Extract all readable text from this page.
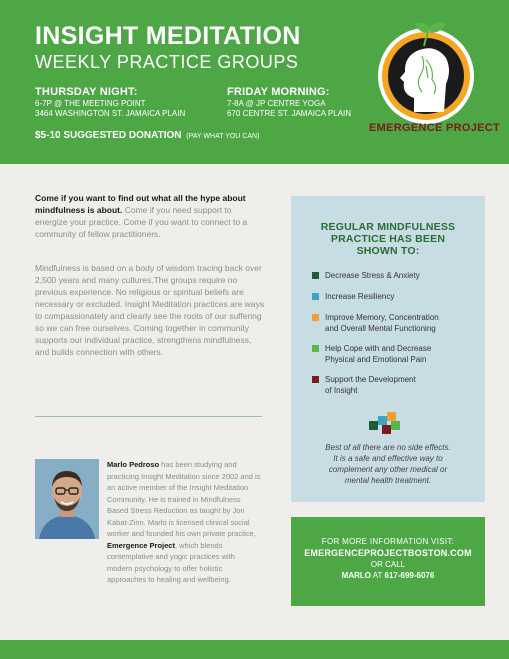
INSIGHT MEDITATION
WEEKLY PRACTICE GROUPS
THURSDAY NIGHT:
6-7P @ THE MEETING POINT
3464 WASHINGTON ST. JAMAICA PLAIN
FRIDAY MORNING:
7-8A @ JP CENTRE YOGA
670 CENTRE ST. JAMAICA PLAIN
$5-10 SUGGESTED DONATION (PAY WHAT YOU CAN)
EMERGENCE PROJECT
Come if you want to find out what all the hype about mindfulness is about. Come if you need support to energize your practice. Come if you want to connect to a community of fellow practitioners.
Mindfulness is based on a body of wisdom tracing back over 2,500 years and many cultures.The groups require no previous experience. No religious or spiritual beliefs are necessary or excluded. Insight Meditation practices are ways to compassionately and clearly see the roots of our suffering so we can free ourselves. Coming together in community supports our individual practice, strengthens mindfulness, and builds connection with others.
Marlo Pedroso has been studying and practicing Insight Meditation since 2002 and is an active member of the Insight Meditation Community. He is trained in Mindfulness Based Stress Reduction as taught by Jon Kabat-Zinn. Marlo is licensed clinical social worker and founded his own private practice, Emergence Project, which blends contemplative and yogic practices with modern psychology to offer holistic approaches to healing and wellbeing.
REGULAR MINDFULNESS
PRACTICE HAS BEEN
SHOWN TO:
Decrease Stress & Anxiety
Increase Resiliency
Improve Memory, Concentration
and Overall Mental Functioning
Help Cope with and Decrease
Physical and Emotional Pain
Support the Development
of Insight
Best of all there are no side effects.
It is a safe and effective way to
complement any other medical or
mental health treatment.
FOR MORE INFORMATION VISIT:
EMERGENCEPROJECTBOSTON.COM
OR CALL
MARLO AT 617-699-6076
